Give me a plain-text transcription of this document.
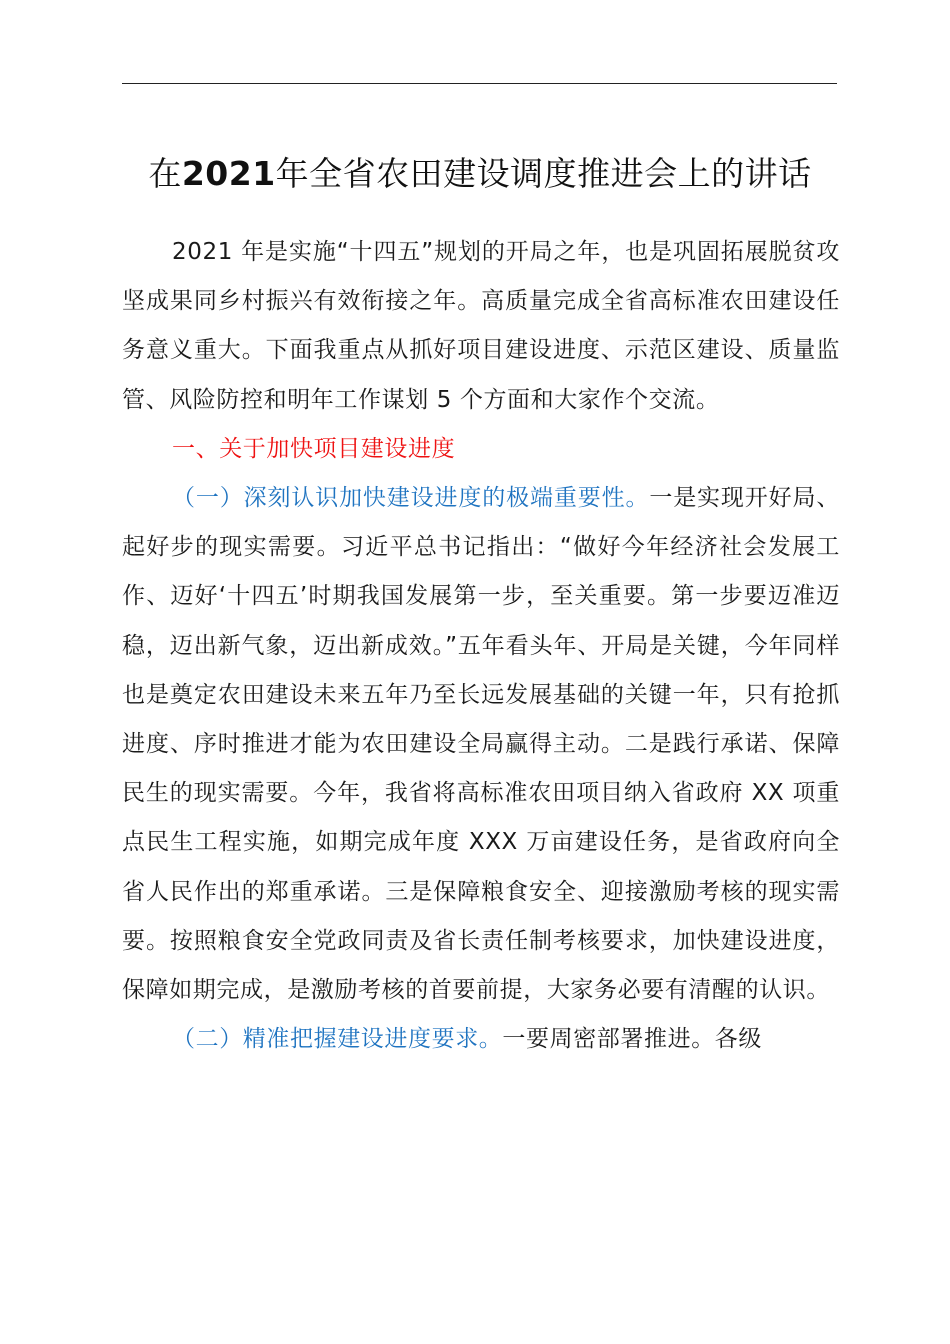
在2021年全省农田建设调度推进会上的讲话

2021 年是实施“十四五”规划的开局之年，也是巩固拓展脱贫攻坚成果同乡村振兴有效衔接之年。高质量完成全省高标准农田建设任务意义重大。下面我重点从抓好项目建设进度、示范区建设、质量监管、风险防控和明年工作谋划 5 个方面和大家作个交流。

一、关于加快项目建设进度

（一）深刻认识加快建设进度的极端重要性。一是实现开好局、起好步的现实需要。习近平总书记指出：“做好今年经济社会发展工作、迈好‘十四五’时期我国发展第一步，至关重要。第一步要迈准迈稳，迈出新气象，迈出新成效。”五年看头年、开局是关键，今年同样也是奠定农田建设未来五年乃至长远发展基础的关键一年，只有抢抓进度、序时推进才能为农田建设全局赢得主动。二是践行承诺、保障民生的现实需要。今年，我省将高标准农田项目纳入省政府 XX 项重点民生工程实施，如期完成年度 XXX 万亩建设任务，是省政府向全省人民作出的郑重承诺。三是保障粮食安全、迎接激励考核的现实需要。按照粮食安全党政同责及省长责任制考核要求，加快建设进度，保障如期完成，是激励考核的首要前提，大家务必要有清醒的认识。

（二）精准把握建设进度要求。一要周密部署推进。各级
